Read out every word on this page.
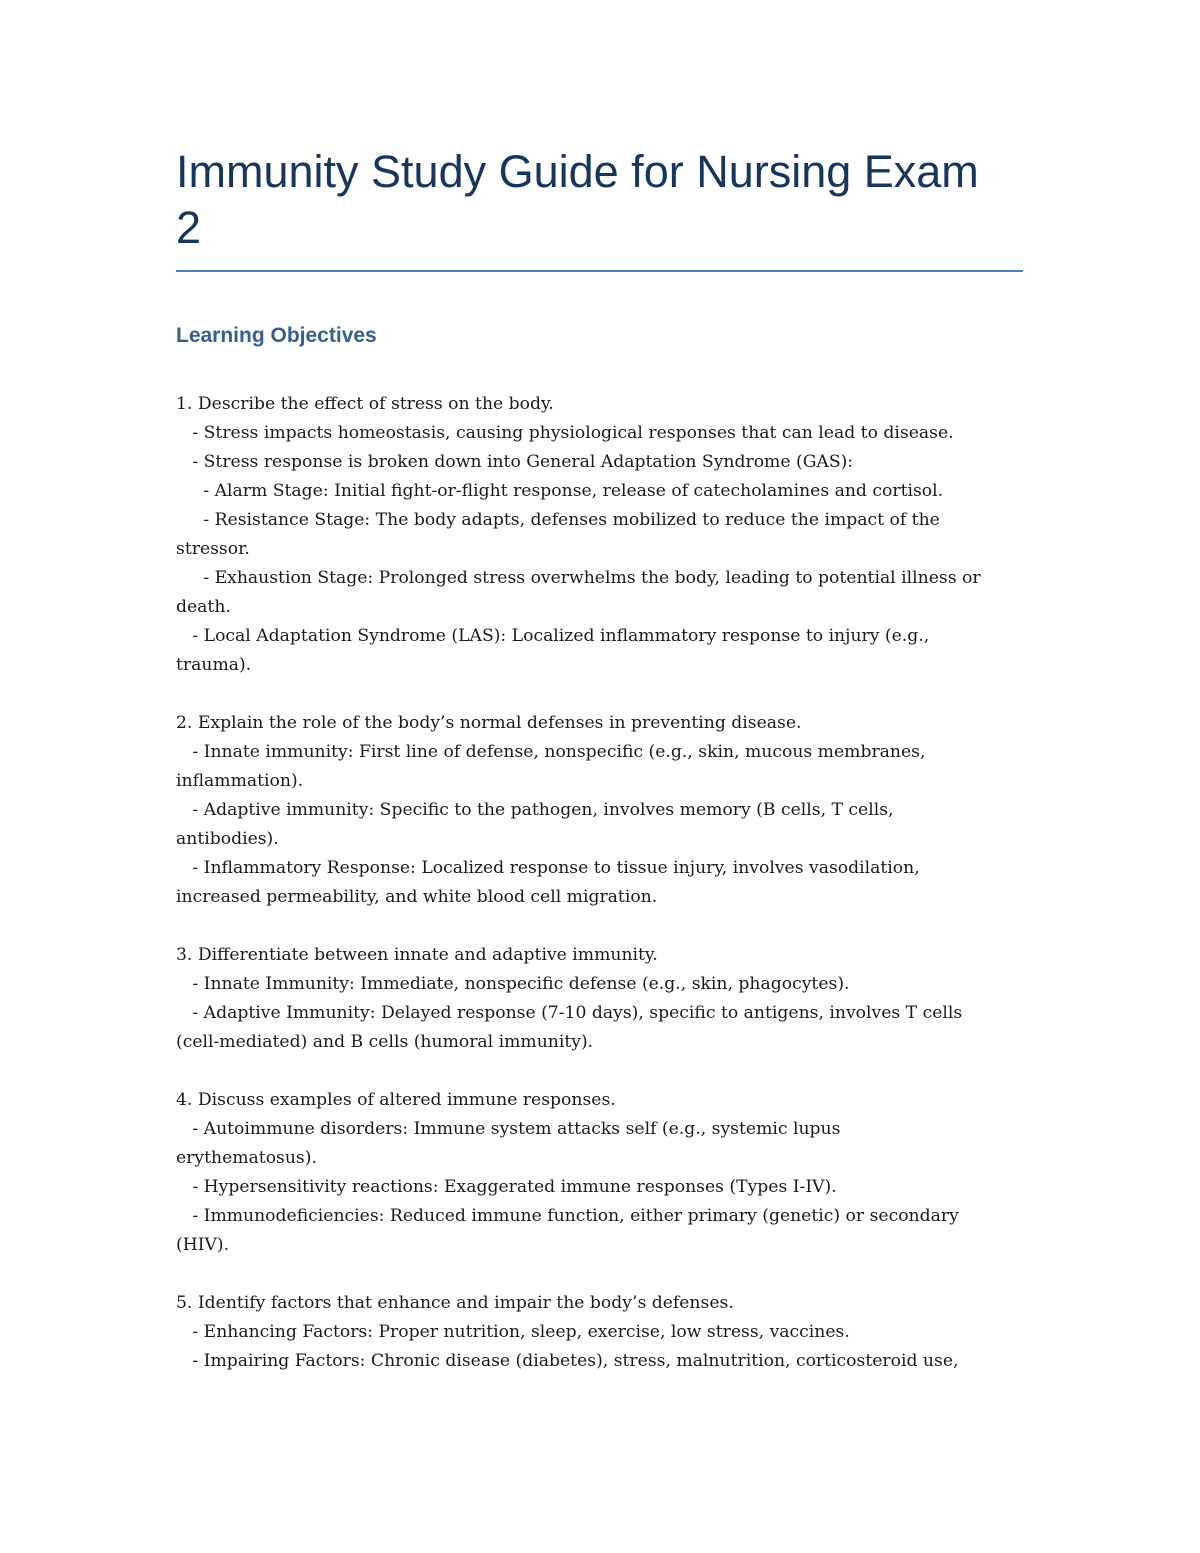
Immunity Study Guide for Nursing Exam
2
Learning Objectives
1. Describe the effect of stress on the body.
- Stress impacts homeostasis, causing physiological responses that can lead to disease.
- Stress response is broken down into General Adaptation Syndrome (GAS):
- Alarm Stage: Initial fight-or-flight response, release of catecholamines and cortisol.
- Resistance Stage: The body adapts, defenses mobilized to reduce the impact of the
stressor.
- Exhaustion Stage: Prolonged stress overwhelms the body, leading to potential illness or
death.
- Local Adaptation Syndrome (LAS): Localized inflammatory response to injury (e.g.,
trauma).
2. Explain the role of the body’s normal defenses in preventing disease.
- Innate immunity: First line of defense, nonspecific (e.g., skin, mucous membranes,
inflammation).
- Adaptive immunity: Specific to the pathogen, involves memory (B cells, T cells,
antibodies).
- Inflammatory Response: Localized response to tissue injury, involves vasodilation,
increased permeability, and white blood cell migration.
3. Differentiate between innate and adaptive immunity.
- Innate Immunity: Immediate, nonspecific defense (e.g., skin, phagocytes).
- Adaptive Immunity: Delayed response (7-10 days), specific to antigens, involves T cells
(cell-mediated) and B cells (humoral immunity).
4. Discuss examples of altered immune responses.
- Autoimmune disorders: Immune system attacks self (e.g., systemic lupus
erythematosus).
- Hypersensitivity reactions: Exaggerated immune responses (Types I-IV).
- Immunodeficiencies: Reduced immune function, either primary (genetic) or secondary
(HIV).
5. Identify factors that enhance and impair the body’s defenses.
- Enhancing Factors: Proper nutrition, sleep, exercise, low stress, vaccines.
- Impairing Factors: Chronic disease (diabetes), stress, malnutrition, corticosteroid use,
